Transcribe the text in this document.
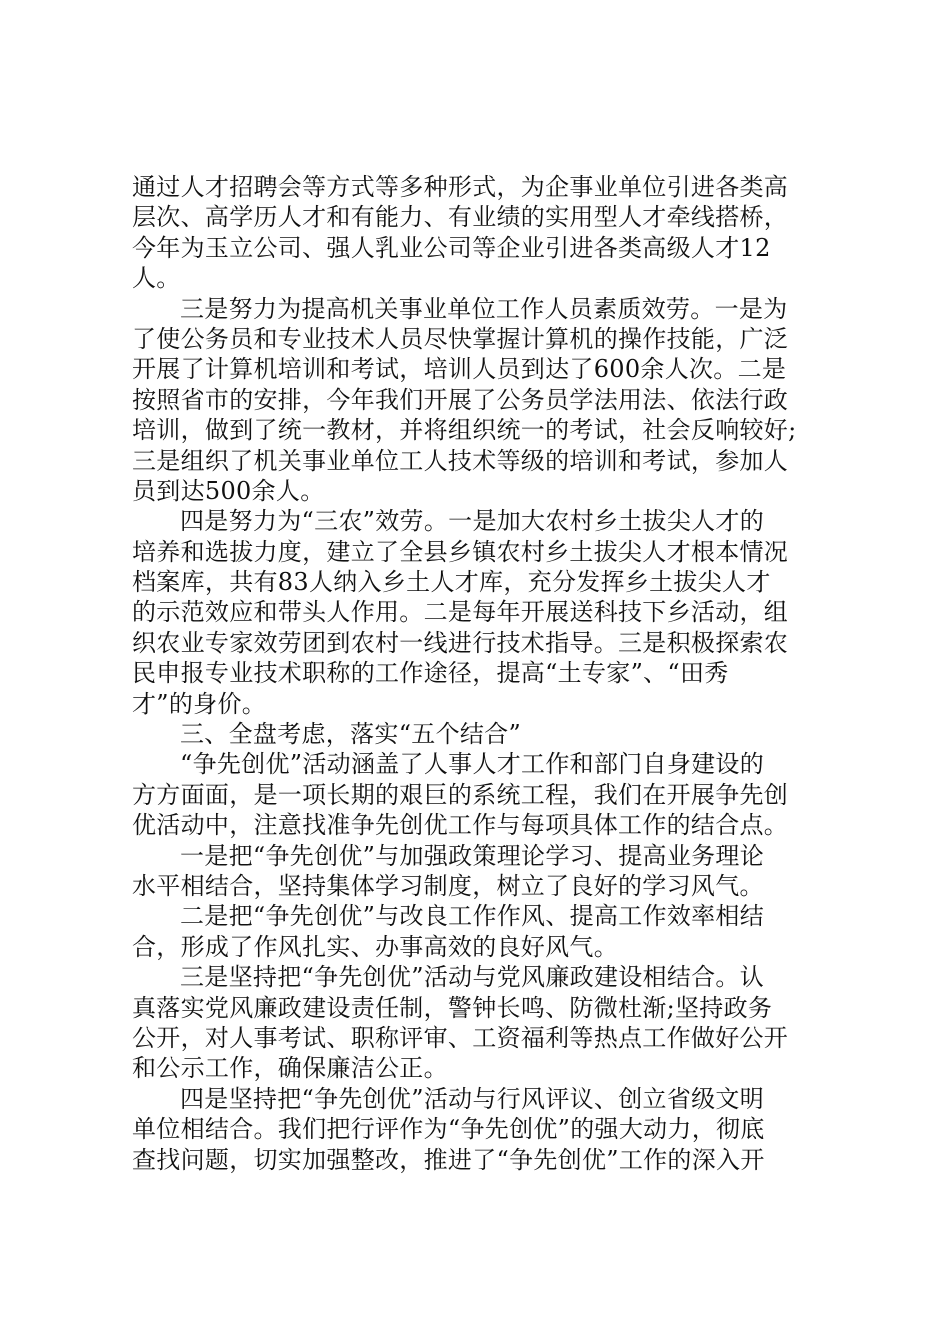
通过人才招聘会等方式等多种形式，为企事业单位引进各类高
层次、高学历人才和有能力、有业绩的实用型人才牵线搭桥，
今年为玉立公司、强人乳业公司等企业引进各类高级人才12
人。
三是努力为提高机关事业单位工作人员素质效劳。一是为
了使公务员和专业技术人员尽快掌握计算机的操作技能，广泛
开展了计算机培训和考试，培训人员到达了600余人次。二是
按照省市的安排，今年我们开展了公务员学法用法、依法行政
培训，做到了统一教材，并将组织统一的考试，社会反响较好;
三是组织了机关事业单位工人技术等级的培训和考试，参加人
员到达500余人。
四是努力为“三农”效劳。一是加大农村乡土拔尖人才的
培养和选拔力度，建立了全县乡镇农村乡土拔尖人才根本情况
档案库，共有83人纳入乡土人才库，充分发挥乡土拔尖人才
的示范效应和带头人作用。二是每年开展送科技下乡活动，组
织农业专家效劳团到农村一线进行技术指导。三是积极探索农
民申报专业技术职称的工作途径，提高“土专家”、“田秀
才”的身价。
三、全盘考虑，落实“五个结合”
“争先创优”活动涵盖了人事人才工作和部门自身建设的
方方面面，是一项长期的艰巨的系统工程，我们在开展争先创
优活动中，注意找准争先创优工作与每项具体工作的结合点。
一是把“争先创优”与加强政策理论学习、提高业务理论
水平相结合，坚持集体学习制度，树立了良好的学习风气。
二是把“争先创优”与改良工作作风、提高工作效率相结
合，形成了作风扎实、办事高效的良好风气。
三是坚持把“争先创优”活动与党风廉政建设相结合。认
真落实党风廉政建设责任制，警钟长鸣、防微杜渐;坚持政务
公开，对人事考试、职称评审、工资福利等热点工作做好公开
和公示工作，确保廉洁公正。
四是坚持把“争先创优”活动与行风评议、创立省级文明
单位相结合。我们把行评作为“争先创优”的强大动力，彻底
查找问题，切实加强整改，推进了“争先创优”工作的深入开
